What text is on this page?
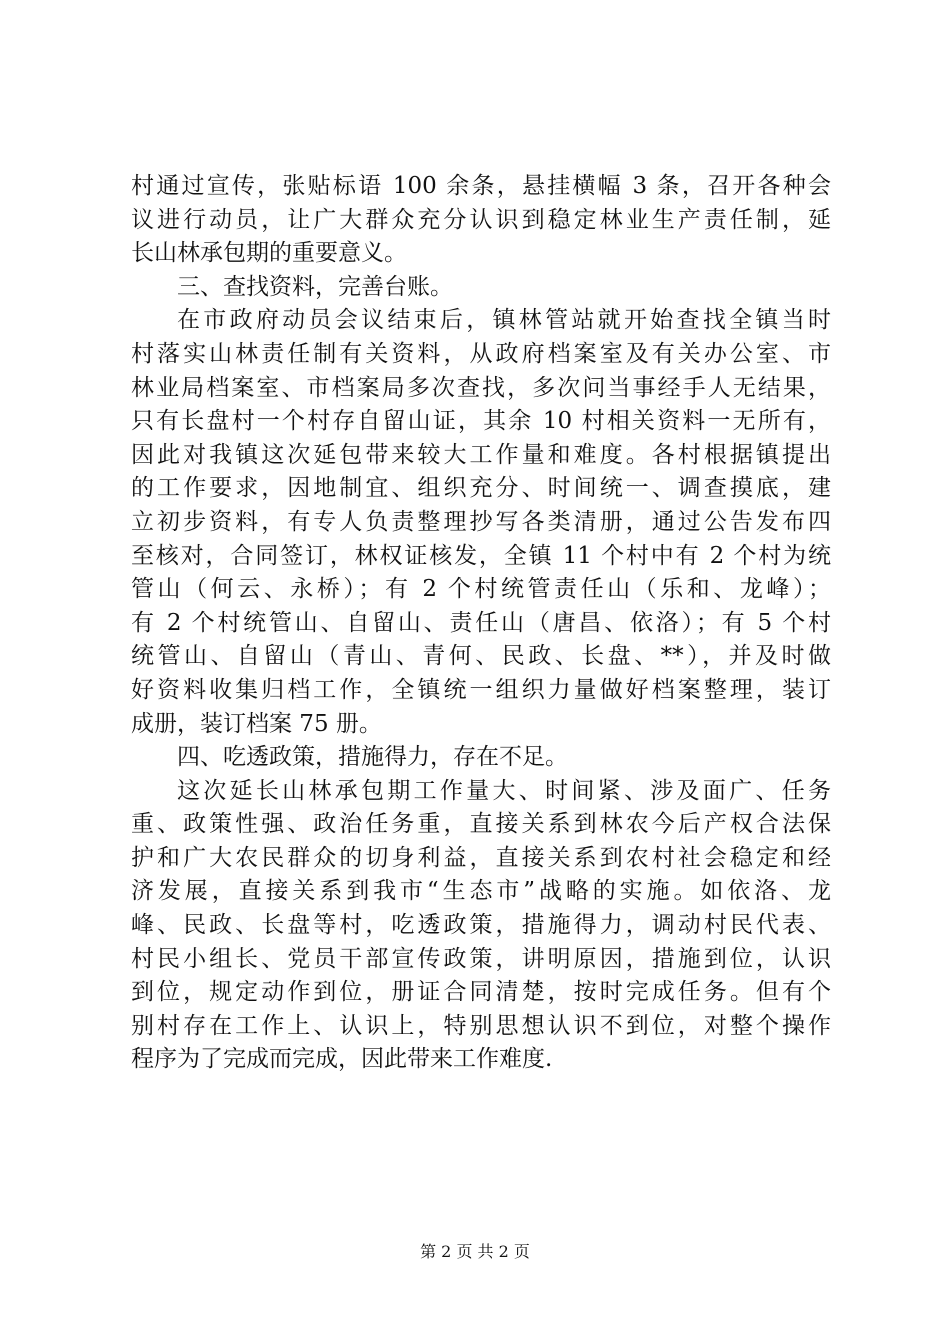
村通过宣传，张贴标语 100 余条，悬挂横幅 3 条，召开各种会
议进行动员，让广大群众充分认识到稳定林业生产责任制，延
长山林承包期的重要意义。
三、查找资料，完善台账。
在市政府动员会议结束后，镇林管站就开始查找全镇当时
村落实山林责任制有关资料，从政府档案室及有关办公室、市
林业局档案室、市档案局多次查找，多次问当事经手人无结果，
只有长盘村一个村存自留山证，其余 10 村相关资料一无所有，
因此对我镇这次延包带来较大工作量和难度。各村根据镇提出
的工作要求，因地制宜、组织充分、时间统一、调查摸底，建
立初步资料，有专人负责整理抄写各类清册，通过公告发布四
至核对，合同签订，林权证核发，全镇 11 个村中有 2 个村为统
管山（何云、永桥）；有 2 个村统管责任山（乐和、龙峰）；
有 2 个村统管山、自留山、责任山（唐昌、依洛）；有 5 个村
统管山、自留山（青山、青何、民政、长盘、**），并及时做
好资料收集归档工作，全镇统一组织力量做好档案整理，装订
成册，装订档案 75 册。
四、吃透政策，措施得力，存在不足。
这次延长山林承包期工作量大、时间紧、涉及面广、任务
重、政策性强、政治任务重，直接关系到林农今后产权合法保
护和广大农民群众的切身利益，直接关系到农村社会稳定和经
济发展，直接关系到我市“生态市”战略的实施。如依洛、龙
峰、民政、长盘等村，吃透政策，措施得力，调动村民代表、
村民小组长、党员干部宣传政策，讲明原因，措施到位，认识
到位，规定动作到位，册证合同清楚，按时完成任务。但有个
别村存在工作上、认识上，特别思想认识不到位，对整个操作
程序为了完成而完成，因此带来工作难度.
第 2 页 共 2 页
